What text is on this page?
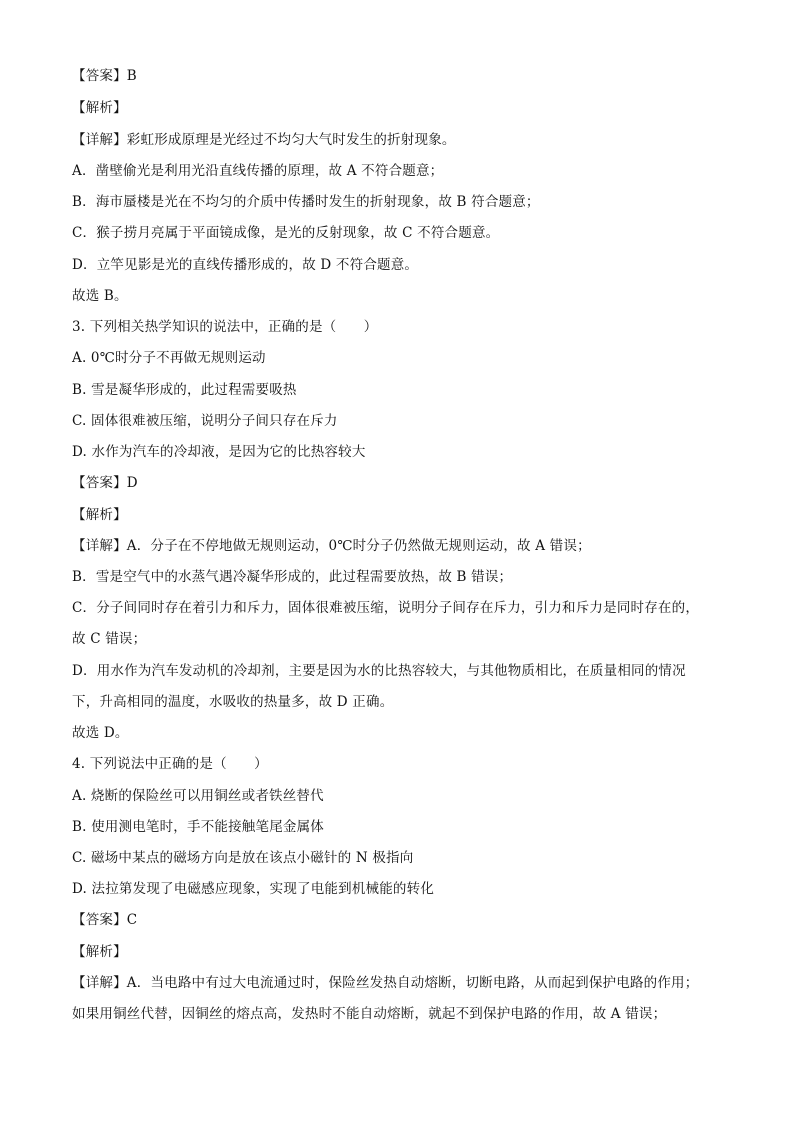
【答案】B
【解析】
【详解】彩虹形成原理是光经过不均匀大气时发生的折射现象。
A．凿壁偷光是利用光沿直线传播的原理，故 A 不符合题意；
B．海市蜃楼是光在不均匀的介质中传播时发生的折射现象，故 B 符合题意；
C．猴子捞月亮属于平面镜成像，是光的反射现象，故 C 不符合题意。
D．立竿见影是光的直线传播形成的，故 D 不符合题意。
故选 B。
3. 下列相关热学知识的说法中，正确的是（　　）
A. 0℃时分子不再做无规则运动
B. 雪是凝华形成的，此过程需要吸热
C. 固体很难被压缩，说明分子间只存在斥力
D. 水作为汽车的冷却液，是因为它的比热容较大
【答案】D
【解析】
【详解】A．分子在不停地做无规则运动，0℃时分子仍然做无规则运动，故 A 错误；
B．雪是空气中的水蒸气遇冷凝华形成的，此过程需要放热，故 B 错误；
C．分子间同时存在着引力和斥力，固体很难被压缩，说明分子间存在斥力，引力和斥力是同时存在的，
故 C 错误；
D．用水作为汽车发动机的冷却剂，主要是因为水的比热容较大，与其他物质相比，在质量相同的情况
下，升高相同的温度，水吸收的热量多，故 D 正确。
故选 D。
4. 下列说法中正确的是（　　）
A. 烧断的保险丝可以用铜丝或者铁丝替代
B. 使用测电笔时，手不能接触笔尾金属体
C. 磁场中某点的磁场方向是放在该点小磁针的 N 极指向
D. 法拉第发现了电磁感应现象，实现了电能到机械能的转化
【答案】C
【解析】
【详解】A．当电路中有过大电流通过时，保险丝发热自动熔断，切断电路，从而起到保护电路的作用；
如果用铜丝代替，因铜丝的熔点高，发热时不能自动熔断，就起不到保护电路的作用，故 A 错误；
